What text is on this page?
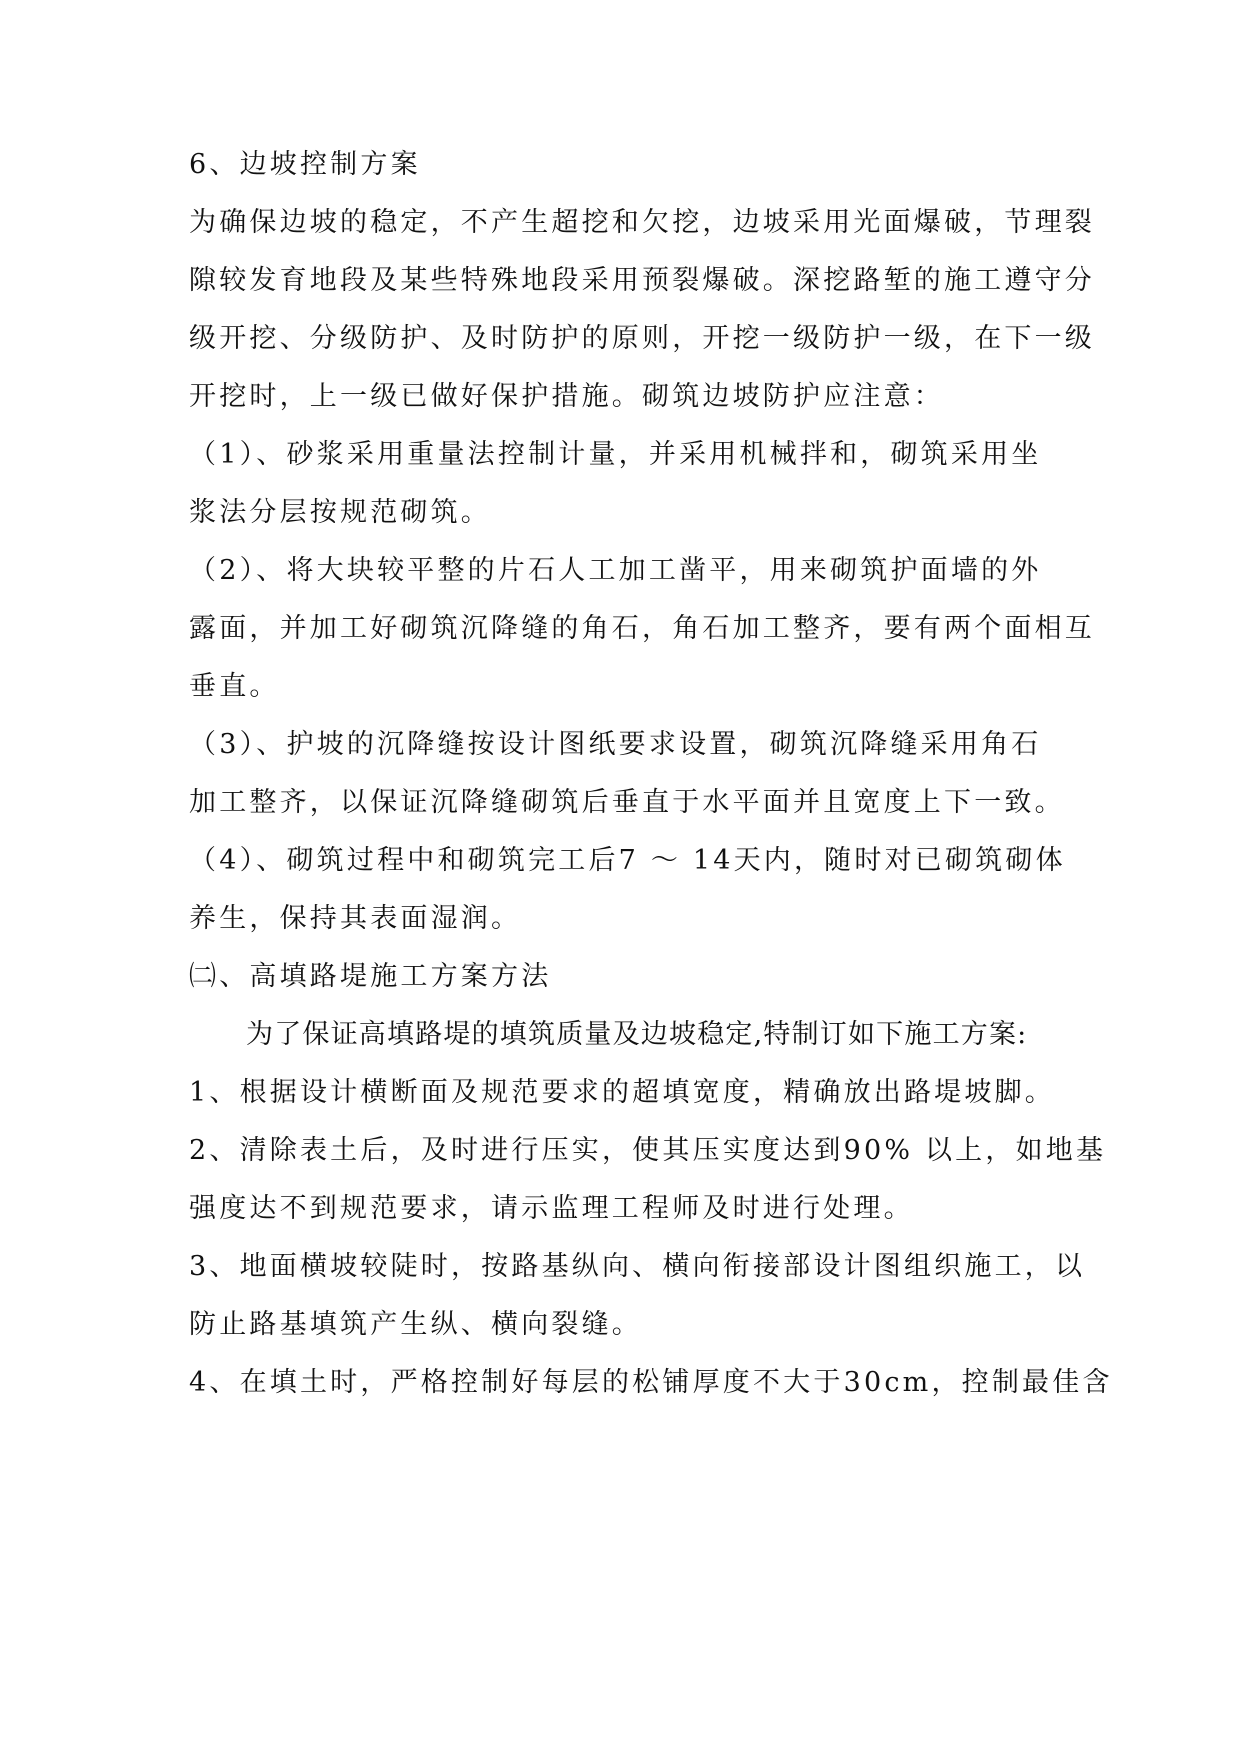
6、边坡控制方案
为确保边坡的稳定，不产生超挖和欠挖，边坡采用光面爆破，节理裂
隙较发育地段及某些特殊地段采用预裂爆破。深挖路堑的施工遵守分
级开挖、分级防护、及时防护的原则，开挖一级防护一级，在下一级
开挖时，上一级已做好保护措施。砌筑边坡防护应注意：
（1）、砂浆采用重量法控制计量，并采用机械拌和，砌筑采用坐
浆法分层按规范砌筑。
（2）、将大块较平整的片石人工加工凿平，用来砌筑护面墙的外
露面，并加工好砌筑沉降缝的角石，角石加工整齐，要有两个面相互
垂直。
（3）、护坡的沉降缝按设计图纸要求设置，砌筑沉降缝采用角石
加工整齐，以保证沉降缝砌筑后垂直于水平面并且宽度上下一致。
（4）、砌筑过程中和砌筑完工后7 ～ 14天内，随时对已砌筑砌体
养生，保持其表面湿润。
㈡、高填路堤施工方案方法
为了保证高填路堤的填筑质量及边坡稳定,特制订如下施工方案:
1、根据设计横断面及规范要求的超填宽度，精确放出路堤坡脚。
2、清除表土后，及时进行压实，使其压实度达到90% 以上，如地基
强度达不到规范要求，请示监理工程师及时进行处理。
3、地面横坡较陡时，按路基纵向、横向衔接部设计图组织施工，以
防止路基填筑产生纵、横向裂缝。
4、在填土时，严格控制好每层的松铺厚度不大于30cm，控制最佳含
